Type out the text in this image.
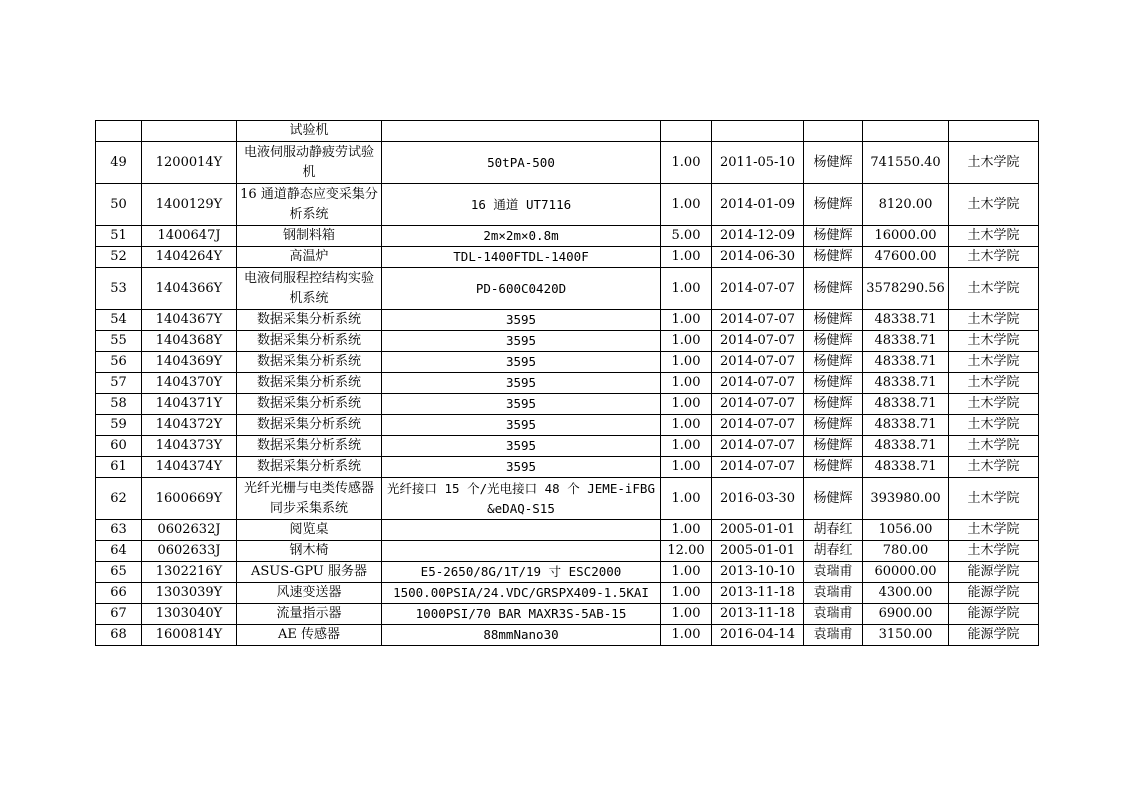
		试验机						
49	1200014Y	电液伺服动静疲劳试验机	50tPA-500	1.00	2011-05-10	杨健辉	741550.40	土木学院
50	1400129Y	16 通道静态应变采集分析系统	16 通道 UT7116	1.00	2014-01-09	杨健辉	8120.00	土木学院
51	1400647J	钢制料箱	2m×2m×0.8m	5.00	2014-12-09	杨健辉	16000.00	土木学院
52	1404264Y	高温炉	TDL-1400FTDL-1400F	1.00	2014-06-30	杨健辉	47600.00	土木学院
53	1404366Y	电液伺服程控结构实验机系统	PD-600C0420D	1.00	2014-07-07	杨健辉	3578290.56	土木学院
54	1404367Y	数据采集分析系统	3595	1.00	2014-07-07	杨健辉	48338.71	土木学院
55	1404368Y	数据采集分析系统	3595	1.00	2014-07-07	杨健辉	48338.71	土木学院
56	1404369Y	数据采集分析系统	3595	1.00	2014-07-07	杨健辉	48338.71	土木学院
57	1404370Y	数据采集分析系统	3595	1.00	2014-07-07	杨健辉	48338.71	土木学院
58	1404371Y	数据采集分析系统	3595	1.00	2014-07-07	杨健辉	48338.71	土木学院
59	1404372Y	数据采集分析系统	3595	1.00	2014-07-07	杨健辉	48338.71	土木学院
60	1404373Y	数据采集分析系统	3595	1.00	2014-07-07	杨健辉	48338.71	土木学院
61	1404374Y	数据采集分析系统	3595	1.00	2014-07-07	杨健辉	48338.71	土木学院
62	1600669Y	光纤光栅与电类传感器同步采集系统	光纤接口 15 个/光电接口 48 个 JEME-iFBG&eDAQ-S15	1.00	2016-03-30	杨健辉	393980.00	土木学院
63	0602632J	阅览桌		1.00	2005-01-01	胡春红	1056.00	土木学院
64	0602633J	钢木椅		12.00	2005-01-01	胡春红	780.00	土木学院
65	1302216Y	ASUS-GPU 服务器	E5-2650/8G/1T/19 寸 ESC2000	1.00	2013-10-10	袁瑞甫	60000.00	能源学院
66	1303039Y	风速变送器	1500.00PSIA/24.VDC/GRSPX409-1.5KAI	1.00	2013-11-18	袁瑞甫	4300.00	能源学院
67	1303040Y	流量指示器	1000PSI/70 BAR MAXR3S-5AB-15	1.00	2013-11-18	袁瑞甫	6900.00	能源学院
68	1600814Y	AE 传感器	88mmNano30	1.00	2016-04-14	袁瑞甫	3150.00	能源学院
